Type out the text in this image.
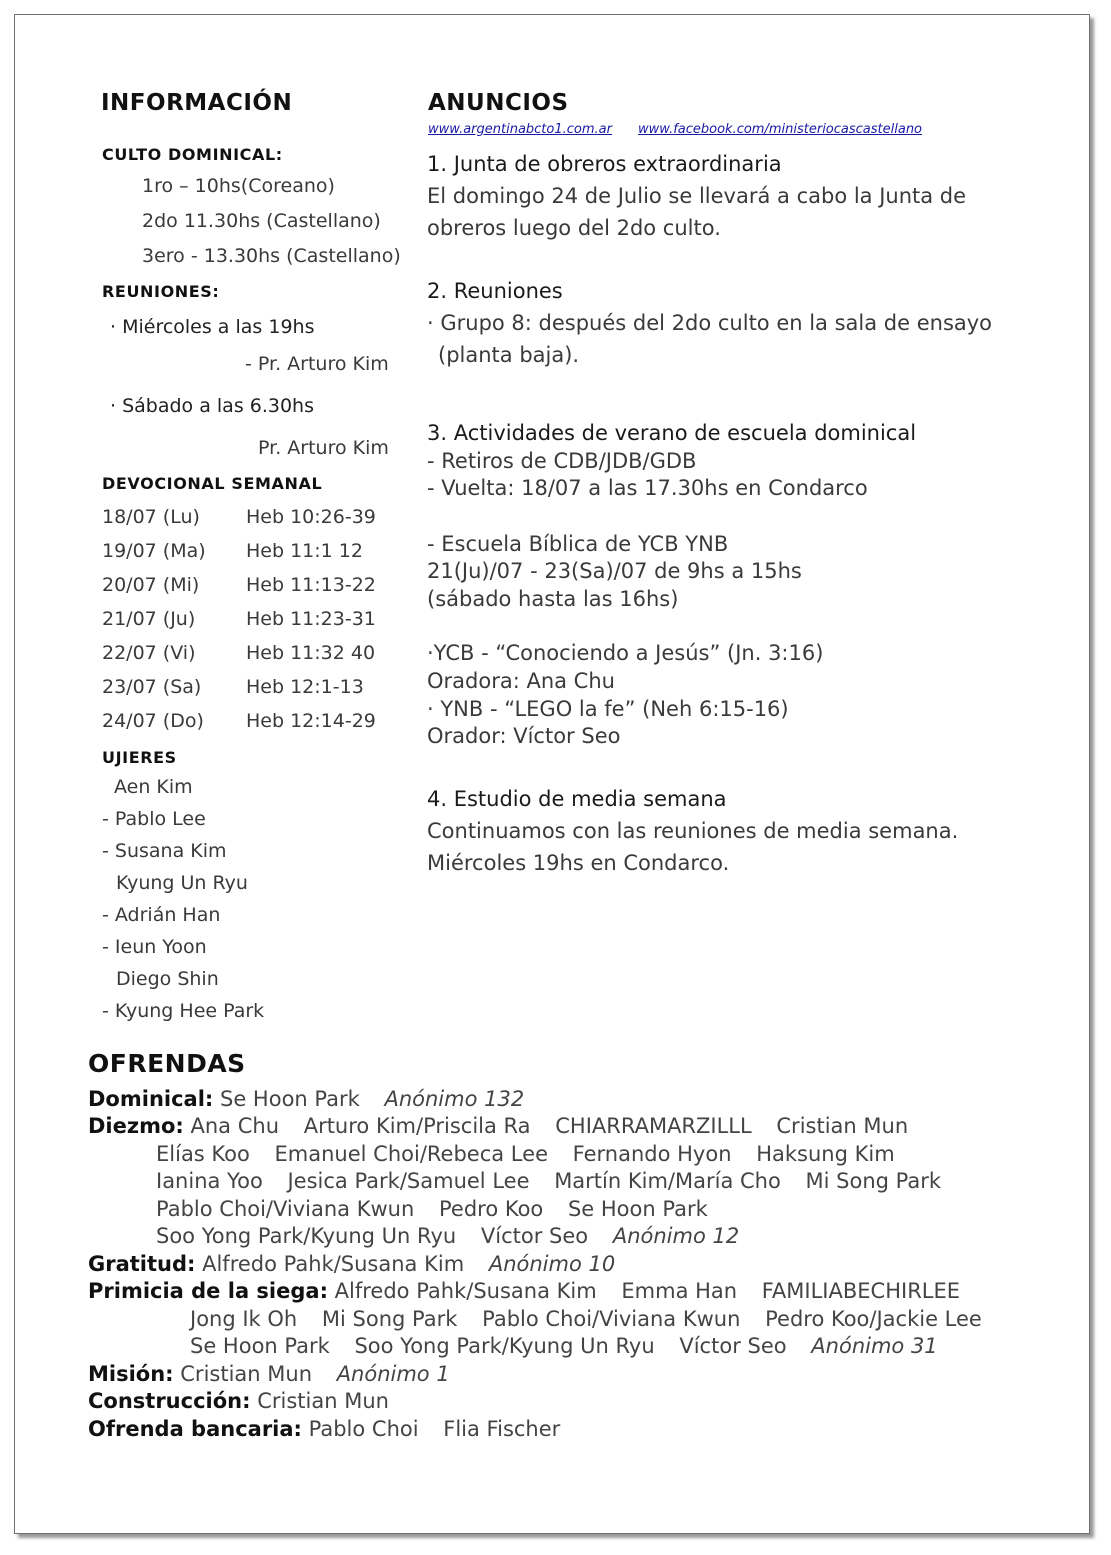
INFORMACIÓN
CULTO DOMINICAL:
1ro – 10hs(Coreano)
2do 11.30hs (Castellano)
3ero - 13.30hs (Castellano)
REUNIONES:
· Miércoles a las 19hs
- Pr. Arturo Kim
· Sábado a las 6.30hs
Pr. Arturo Kim
DEVOCIONAL SEMANAL
18/07 (Lu) Heb 10:26-39
19/07 (Ma) Heb 11:1 12
20/07 (Mi) Heb 11:13-22
21/07 (Ju)	Heb 11:23-31
22/07 (Vi)	Heb 11:32 40
23/07 (Sa) Heb 12:1-13
24/07 (Do) Heb 12:14-29
UJIERES
Aen Kim
- Pablo Lee
- Susana Kim
Kyung Un Ryu
- Adrián Han
- Ieun Yoon
Diego Shin
- Kyung Hee Park
ANUNCIOS
www.argentinabcto1.com.ar www.facebook.com/ministeriocascastellano
1. Junta de obreros extraordinaria
El domingo 24 de Julio se llevará a cabo la Junta de
obreros luego del 2do culto.
2. Reuniones
· Grupo 8: después del 2do culto en la sala de ensayo
(planta baja).
3. Actividades de verano de escuela dominical
- Retiros de CDB/JDB/GDB
- Vuelta: 18/07 a las 17.30hs en Condarco
- Escuela Bíblica de YCB YNB
21(Ju)/07 - 23(Sa)/07 de 9hs a 15hs
(sábado hasta las 16hs)
·YCB - “Conociendo a Jesús” (Jn. 3:16)
Oradora: Ana Chu
· YNB - “LEGO la fe” (Neh 6:15-16)
Orador: Víctor Seo
4. Estudio de media semana
Continuamos con las reuniones de media semana.
Miércoles 19hs en Condarco.
OFRENDAS
Dominical: Se Hoon Park Anónimo 132
Diezmo: Ana Chu Arturo Kim/Priscila Ra CHIARRAMARZILLL Cristian Mun
Elías Koo Emanuel Choi/Rebeca Lee Fernando Hyon Haksung Kim
Ianina Yoo Jesica Park/Samuel Lee Martín Kim/María Cho Mi Song Park
Pablo Choi/Viviana Kwun Pedro Koo Se Hoon Park
Soo Yong Park/Kyung Un Ryu Víctor Seo Anónimo 12
Gratitud: Alfredo Pahk/Susana Kim Anónimo 10
Primicia de la siega: Alfredo Pahk/Susana Kim Emma Han FAMILIABECHIRLEE
Jong Ik Oh Mi Song Park Pablo Choi/Viviana Kwun Pedro Koo/Jackie Lee
Se Hoon Park Soo Yong Park/Kyung Un Ryu Víctor Seo Anónimo 31
Misión: Cristian Mun Anónimo 1
Construcción: Cristian Mun
Ofrenda bancaria: Pablo Choi Flia Fischer
